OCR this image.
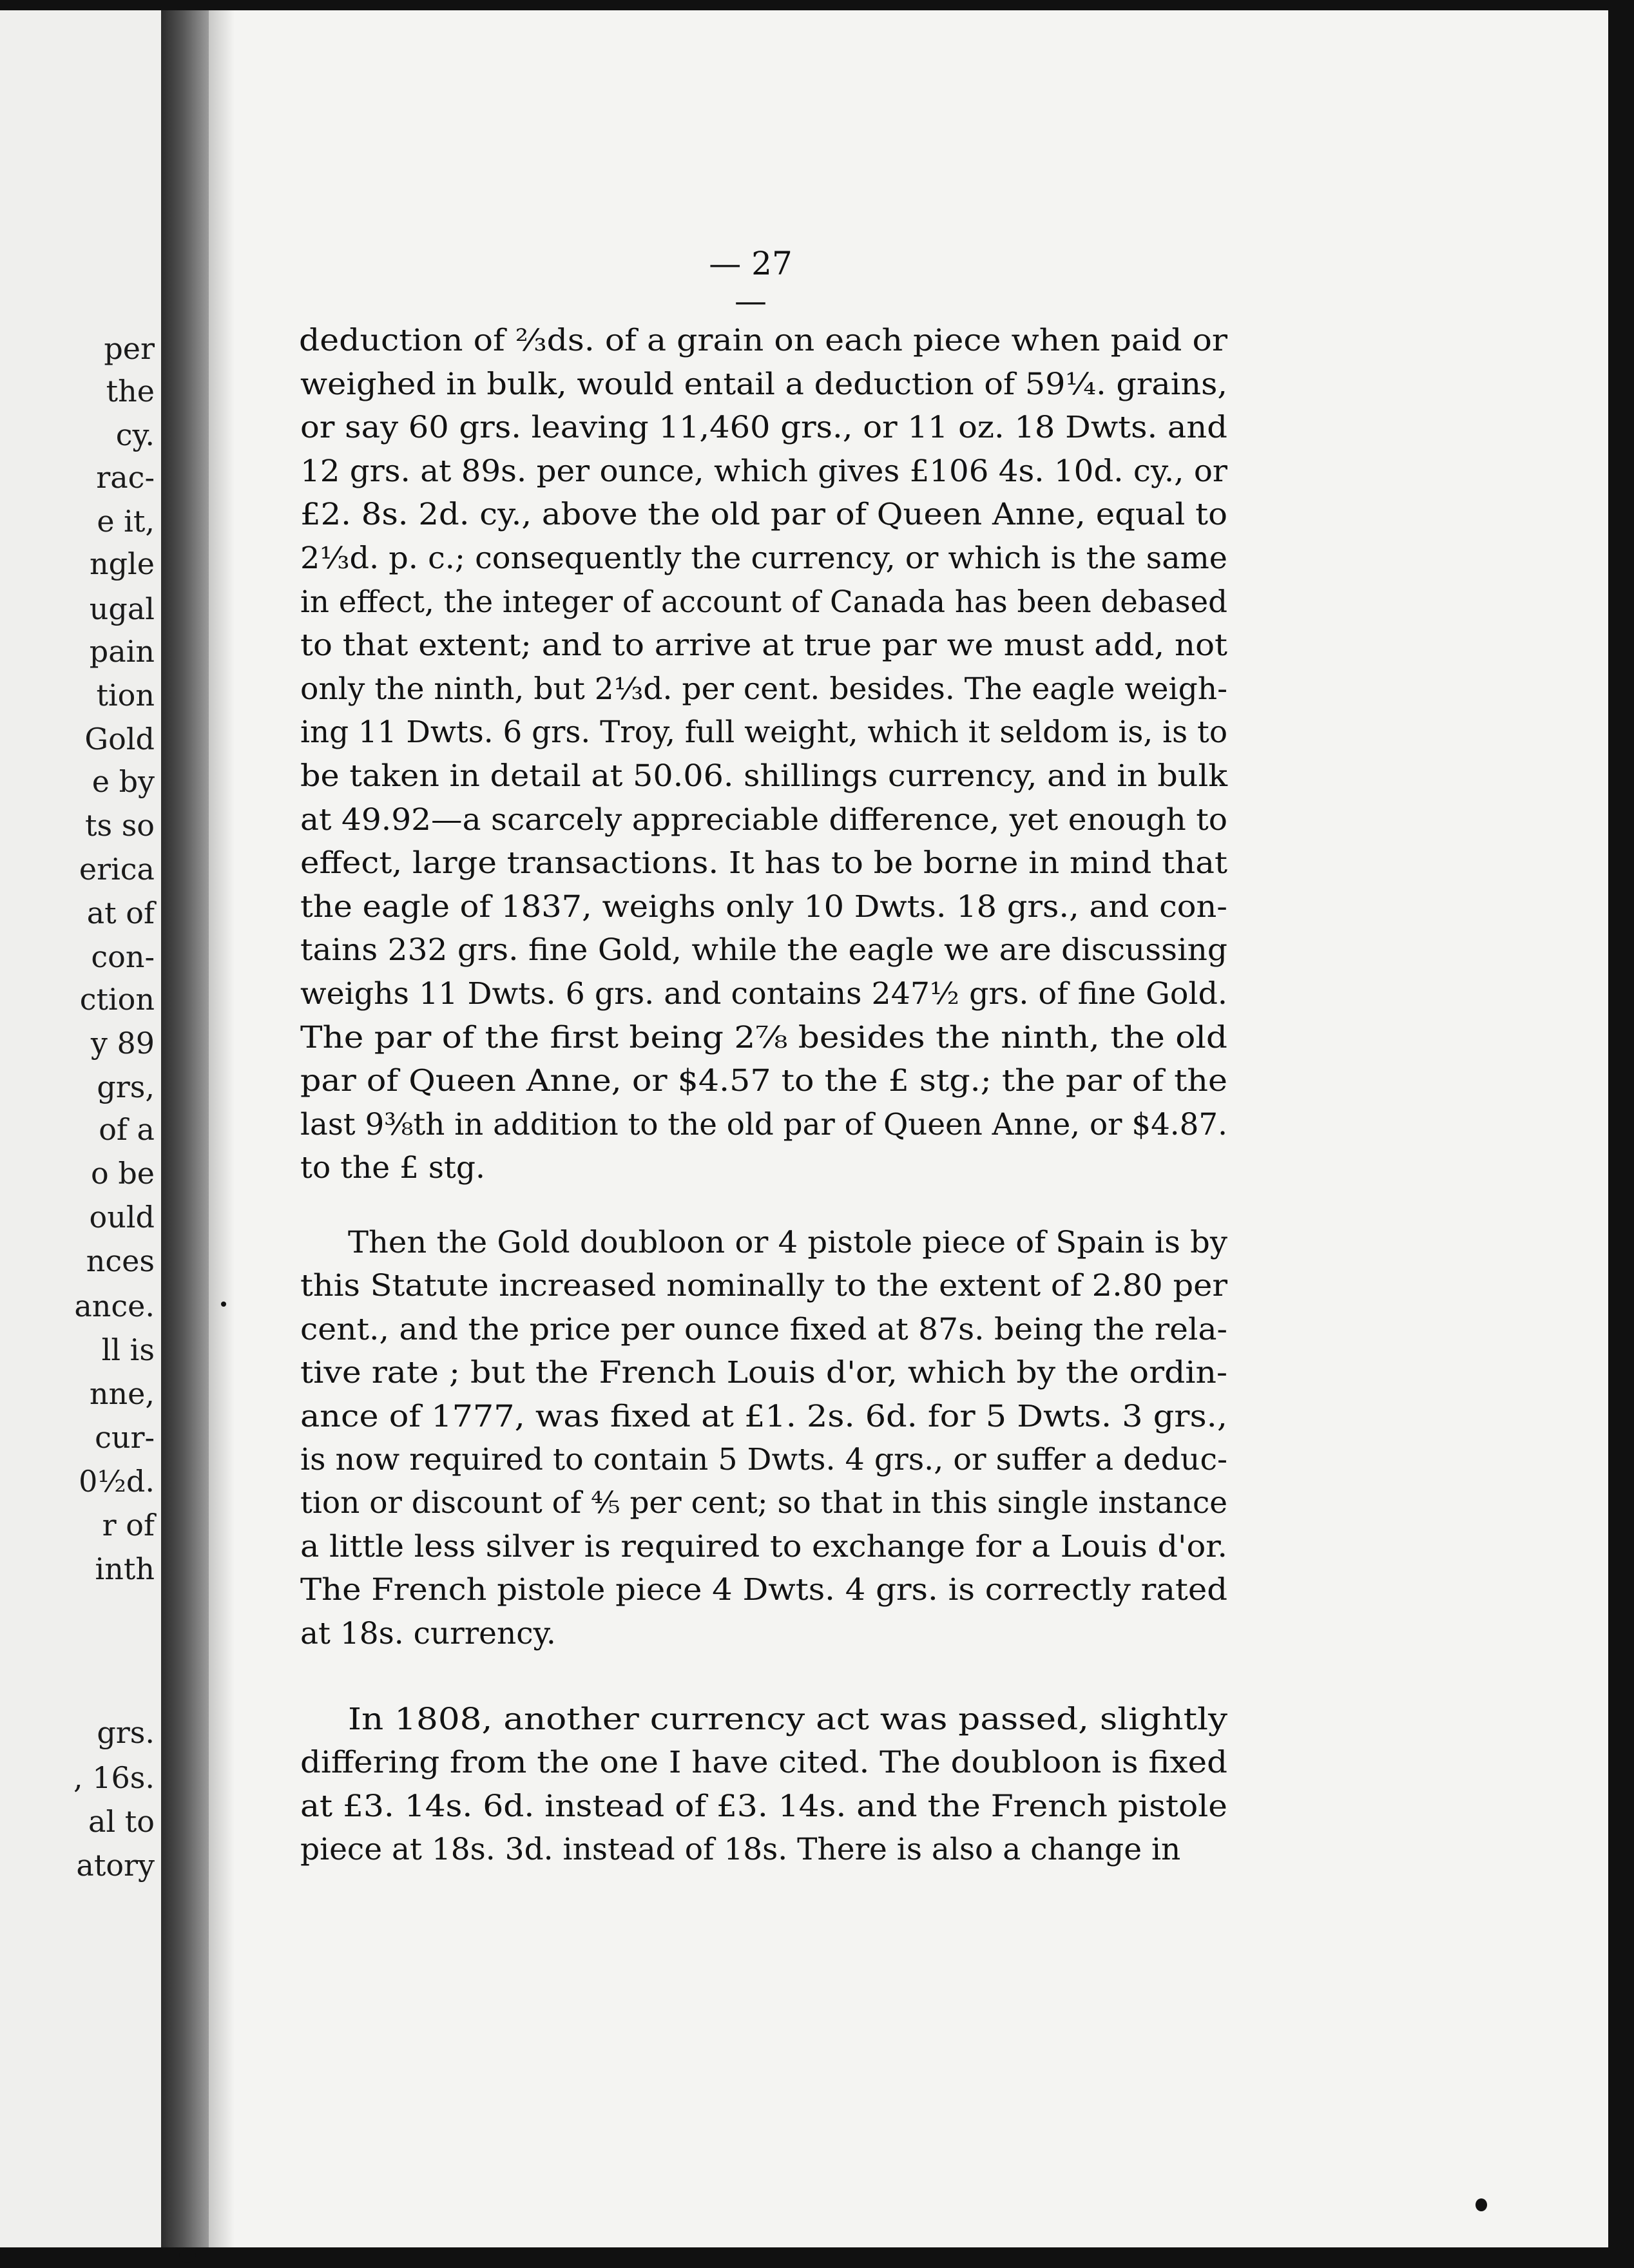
per
the
cy.
rac-
e it,
ngle
ugal
pain
tion
Gold
e by
ts so
erica
at of
con-
ction
y 89
grs,
of a
o be
ould
nces
ance.
ll is
nne,
cur-
0½d.
r of
inth
grs.
, 16s.
al to
atory
— 27 —
deduction of ⅔ds. of a grain on each piece when paid or
weighed in bulk, would entail a deduction of 59¼. grains,
or say 60 grs. leaving 11,460 grs., or 11 oz. 18 Dwts. and
12 grs. at 89s. per ounce, which gives £106 4s. 10d. cy., or
£2. 8s. 2d. cy., above the old par of Queen Anne, equal to
2⅓d. p. c.; consequently the currency, or which is the same
in effect, the integer of account of Canada has been debased
to that extent; and to arrive at true par we must add, not
only the ninth, but 2⅓d. per cent. besides. The eagle weigh-
ing 11 Dwts. 6 grs. Troy, full weight, which it seldom is, is to
be taken in detail at 50.06. shillings currency, and in bulk
at 49.92—a scarcely appreciable difference, yet enough to
effect, large transactions. It has to be borne in mind that
the eagle of 1837, weighs only 10 Dwts. 18 grs., and con-
tains 232 grs. fine Gold, while the eagle we are discussing
weighs 11 Dwts. 6 grs. and contains 247½ grs. of fine Gold.
The par of the first being 2⅞ besides the ninth, the old
par of Queen Anne, or $4.57 to the £ stg.; the par of the
last 9⅜th in addition to the old par of Queen Anne, or $4.87.
to the £ stg.
Then the Gold doubloon or 4 pistole piece of Spain is by
this Statute increased nominally to the extent of 2.80 per
cent., and the price per ounce fixed at 87s. being the rela-
tive rate ; but the French Louis d'or, which by the ordin-
ance of 1777, was fixed at £1. 2s. 6d. for 5 Dwts. 3 grs.,
is now required to contain 5 Dwts. 4 grs., or suffer a deduc-
tion or discount of ⅘ per cent; so that in this single instance
a little less silver is required to exchange for a Louis d'or.
The French pistole piece 4 Dwts. 4 grs. is correctly rated
at 18s. currency.
In 1808, another currency act was passed, slightly
differing from the one I have cited. The doubloon is fixed
at £3. 14s. 6d. instead of £3. 14s. and the French pistole
piece at 18s. 3d. instead of 18s. There is also a change in
